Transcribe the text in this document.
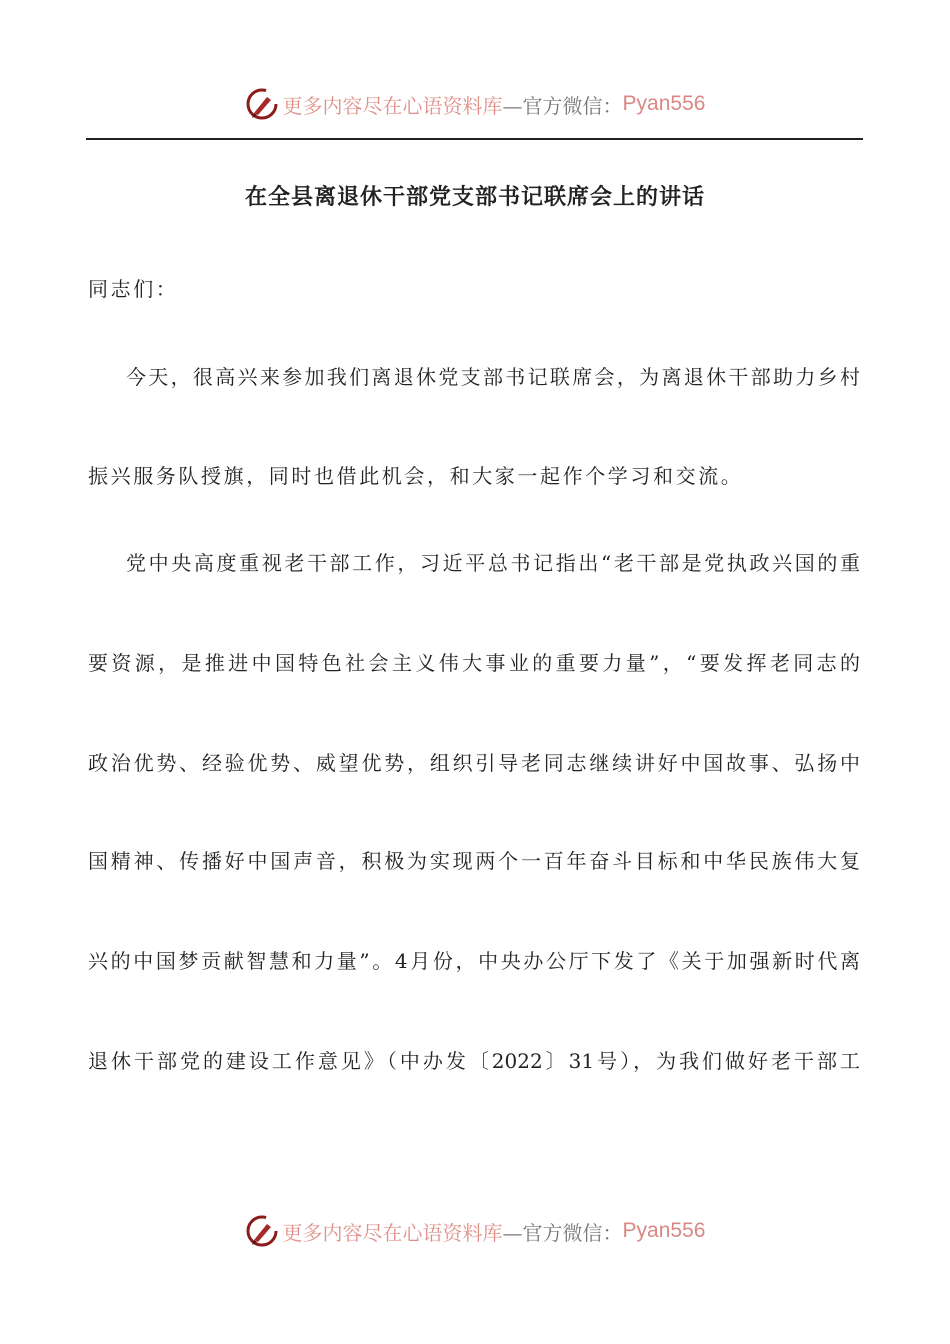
更多内容尽在心语资料库 —官方微信： Pyan556
在全县离退休干部党支部书记联席会上的讲话
同志们：
今天，很高兴来参加我们离退休党支部书记联席会，为离退休干部助力乡村
振兴服务队授旗，同时也借此机会，和大家一起作个学习和交流。
党中央高度重视老干部工作，习近平总书记指出“老干部是党执政兴国的重
要资源，是推进中国特色社会主义伟大事业的重要力量”，“要发挥老同志的
政治优势、经验优势、威望优势，组织引导老同志继续讲好中国故事、弘扬中
国精神、传播好中国声音，积极为实现两个一百年奋斗目标和中华民族伟大复
兴的中国梦贡献智慧和力量”。4月份，中央办公厅下发了《关于加强新时代离
退休干部党的建设工作意见》（中办发〔2022〕31号），为我们做好老干部工
更多内容尽在心语资料库 —官方微信： Pyan556
